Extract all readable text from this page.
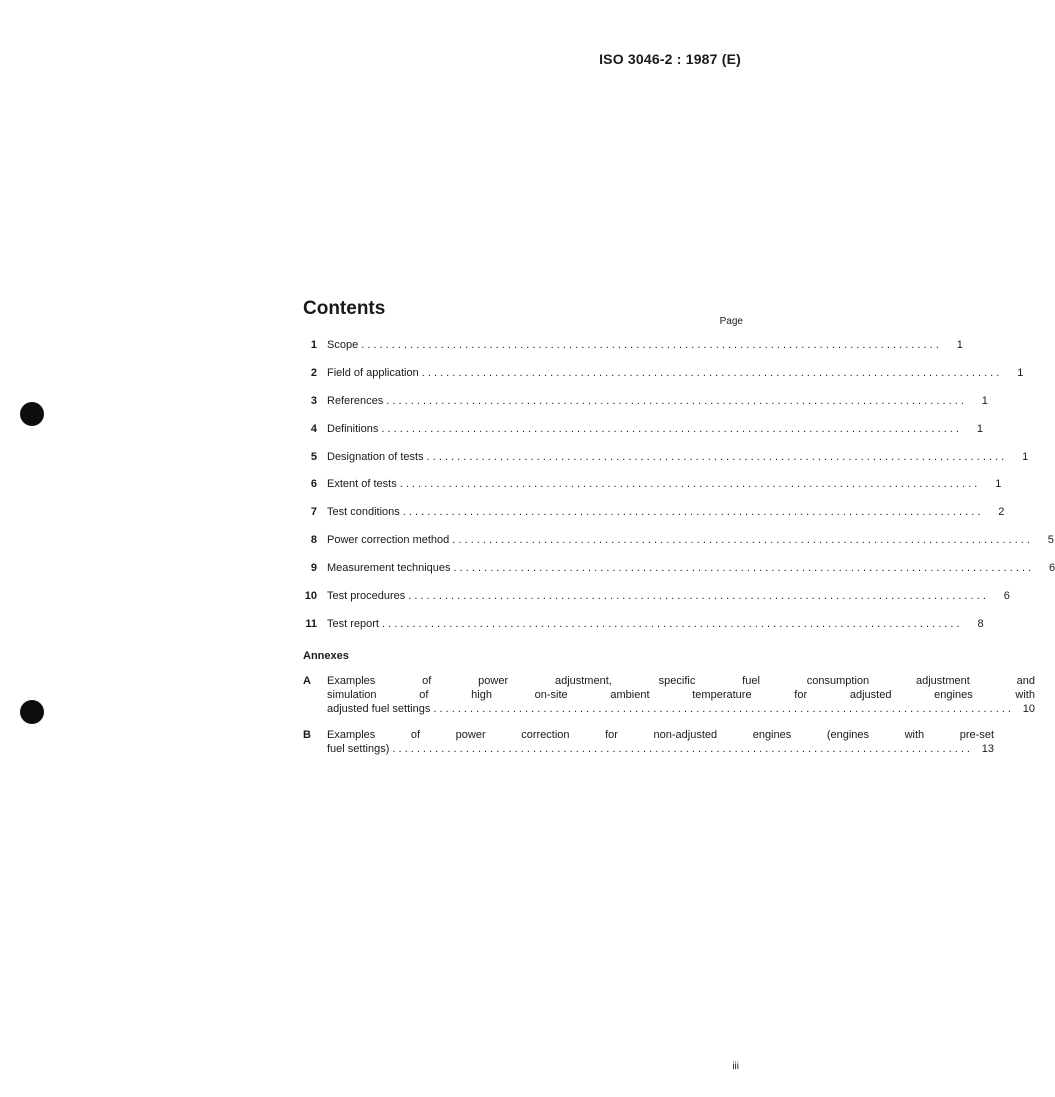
ISO 3046-2 : 1987 (E)
Contents
Page
1 Scope . . .	1
2 Field of application . . .	1
3 References . . .	1
4 Definitions . . .	1
5 Designation of tests . . .	1
6 Extent of tests . . .	1
7 Test conditions . . .	2
8 Power correction method . . .	5
9 Measurement techniques . . .	6
10 Test procedures . . .	6
11 Test report . . .	8
Annexes
A	Examples of power adjustment, specific fuel consumption adjustment and
simulation of high on-site ambient temperature for adjusted engines with
adjusted fuel settings . . .	10
B	Examples of power correction for non-adjusted engines (engines with pre-set
fuel settings) . . .	13
iii
